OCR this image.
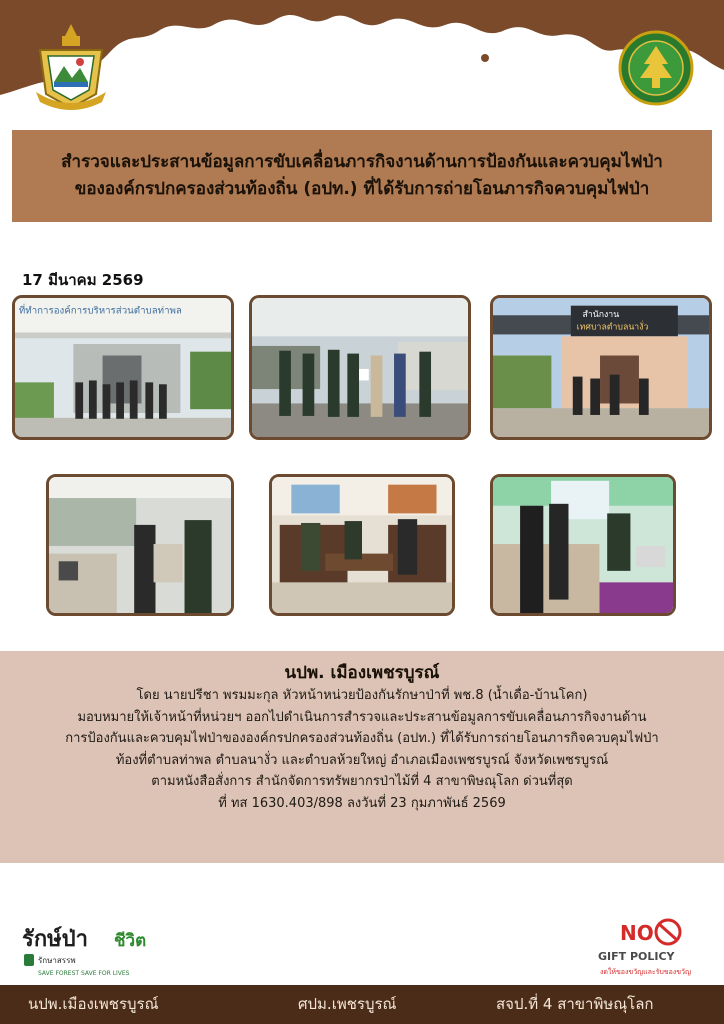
สำรวจและประสานข้อมูลการขับเคลื่อนภารกิจงานด้านการป้องกันและควบคุมไฟป่า
ขององค์กรปกครองส่วนท้องถิ่น (อปท.) ที่ได้รับการถ่ายโอนภารกิจควบคุมไฟป่า
17 มีนาคม 2569
ที่ทำการองค์การบริหารส่วนตำบลท่าพล	สำนักงาน
เทศบาลตำบลนางั่ว
นปพ. เมืองเพชรบูรณ์
โดย นายปรีชา พรมมะกุล หัวหน้าหน่วยป้องกันรักษาป่าที่ พช.8 (น้ำเดื่อ-บ้านโคก)
มอบหมายให้เจ้าหน้าที่หน่วยฯ ออกไปดำเนินการสำรวจและประสานข้อมูลการขับเคลื่อนภารกิจงานด้าน
การป้องกันและควบคุมไฟป่าขององค์กรปกครองส่วนท้องถิ่น (อปท.) ที่ได้รับการถ่ายโอนภารกิจควบคุมไฟป่า
ท้องที่ตำบลท่าพล ตำบลนางั่ว และตำบลห้วยใหญ่ อำเภอเมืองเพชรบูรณ์ จังหวัดเพชรบูรณ์
ตามหนังสือสั่งการ สำนักจัดการทรัพยากรป่าไม้ที่ 4 สาขาพิษณุโลก ด่วนที่สุด
ที่ ทส 1630.403/898 ลงวันที่ 23 กุมภาพันธ์ 2569
รักษ์ป่า ชีวิต
รักษาสรรพ
SAVE FOREST SAVE FOR LIVES
NO
GIFT POLICY
งดให้ของขวัญและรับของขวัญ
นปพ.เมืองเพชรบูรณ์	ศปม.เพชรบูรณ์	สจป.ที่ 4 สาขาพิษณุโลก
